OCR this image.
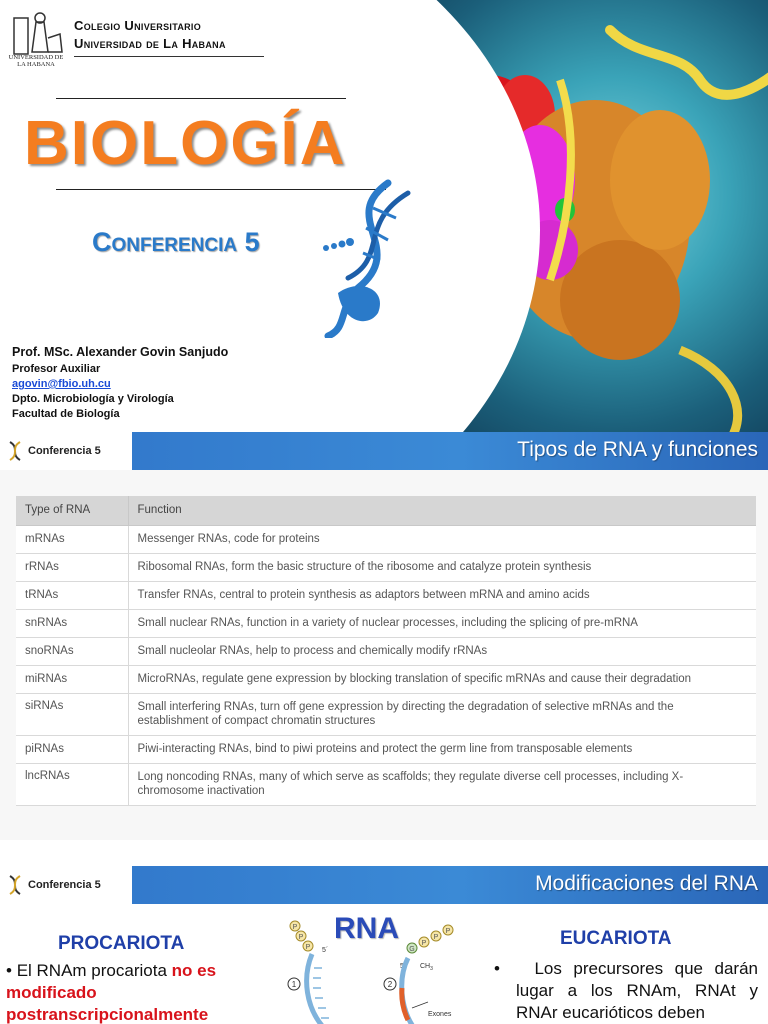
UNIVERSIDAD DE LA HABANA
Colegio Universitario
Universidad de La Habana
BIOLOGÍA
Conferencia 5
Prof. MSc. Alexander Govin Sanjudo
Profesor Auxiliar
agovin@fbio.uh.cu
Dpto. Microbiología y Virología
Facultad de Biología
Conferencia 5	Tipos de RNA y funciones
Type of RNA	Function
mRNAs	Messenger RNAs, code for proteins
rRNAs	Ribosomal RNAs, form the basic structure of the ribosome and catalyze protein synthesis
tRNAs	Transfer RNAs, central to protein synthesis as adaptors between mRNA and amino acids
snRNAs	Small nuclear RNAs, function in a variety of nuclear processes, including the splicing of pre-mRNA
snoRNAs	Small nucleolar RNAs, help to process and chemically modify rRNAs
miRNAs	MicroRNAs, regulate gene expression by blocking translation of specific mRNAs and cause their degradation
siRNAs	Small interfering RNAs, turn off gene expression by directing the degradation of selective mRNAs and the establishment of compact chromatin structures
piRNAs	Piwi-interacting RNAs, bind to piwi proteins and protect the germ line from transposable elements
lncRNAs	Long noncoding RNAs, many of which serve as scaffolds; they regulate diverse cell processes, including X-chromosome inactivation
Conferencia 5	Modificaciones del RNA
PROCARIOTA
• El RNAm procariota no es modificado postranscripcionalmente
RNA
P
P
P 5´
1	2
5´
G
P
P
P
$CH_3$
Exones
EUCARIOTA
•   Los precursores que darán lugar a los RNAm, RNAt y RNAr eucarióticos deben
